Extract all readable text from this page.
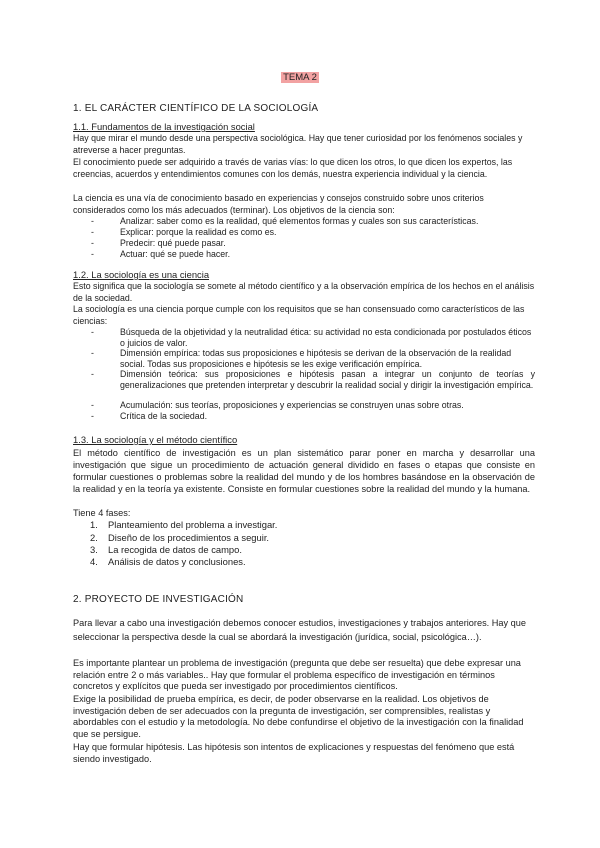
TEMA 2
1. EL CARÁCTER CIENTÍFICO DE LA SOCIOLOGÍA
1.1. Fundamentos de la investigación social
Hay que mirar el mundo desde una perspectiva sociológica. Hay que tener curiosidad por los fenómenos sociales y atreverse a hacer preguntas.
El conocimiento puede ser adquirido a través de varias vías: lo que dicen los otros, lo que dicen los expertos, las creencias, acuerdos y entendimientos comunes con los demás, nuestra experiencia individual y la ciencia.
La ciencia es una vía de conocimiento basado en experiencias y consejos construido sobre unos criterios considerados como los más adecuados (terminar). Los objetivos de la ciencia son:
-	Analizar: saber como es la realidad, qué elementos formas y cuales son sus características.
-	Explicar: porque la realidad es como es.
-	Predecir: qué puede pasar.
-	Actuar: qué se puede hacer.
1.2. La sociología es una ciencia
Esto significa que la sociología se somete al método científico y a la observación empírica de los hechos en el análisis de la sociedad.
La sociología es una ciencia porque cumple con los requisitos que se han consensuado como característicos de las ciencias:
-	Búsqueda de la objetividad y la neutralidad ética: su actividad no esta condicionada por postulados éticos o juicios de valor.
-	Dimensión empírica: todas sus proposiciones e hipótesis se derivan de la observación de la realidad social. Todas sus proposiciones e hipótesis se les exige verificación empírica.
-	Dimensión teórica: sus proposiciones e hipótesis pasan a integrar un conjunto de teorías y generalizaciones que pretenden interpretar y descubrir la realidad social y dirigir la investigación empírica.
-	Acumulación: sus teorías, proposiciones y experiencias se construyen unas sobre otras.
-	Crítica de la sociedad.
1.3. La sociología y el método científico
El método científico de investigación es un plan sistemático parar poner en marcha y desarrollar una investigación que sigue un procedimiento de actuación general dividido en fases o etapas que consiste en formular cuestiones o problemas sobre la realidad del mundo y de los hombres basándose en la observación de la realidad y en la teoría ya existente. Consiste en formular cuestiones sobre la realidad del mundo y la humana.
Tiene 4 fases:
1. Planteamiento del problema a investigar.
2. Diseño de los procedimientos a seguir.
3. La recogida de datos de campo.
4. Análisis de datos y conclusiones.
2. PROYECTO DE INVESTIGACIÓN
Para llevar a cabo una investigación debemos conocer estudios, investigaciones y trabajos anteriores. Hay que seleccionar la perspectiva desde la cual se abordará la investigación (jurídica, social, psicológica…).
Es importante plantear un problema de investigación (pregunta que debe ser resuelta) que debe expresar una relación entre 2 o más variables.. Hay que formular el problema específico de investigación en términos concretos y explícitos que pueda ser investigado por procedimientos científicos.
Exige la posibilidad de prueba empírica, es decir, de poder observarse en la realidad. Los objetivos de investigación deben de ser adecuados con la pregunta de investigación, ser comprensibles, realistas y abordables con el estudio y la metodología. No debe confundirse el objetivo de la investigación con la finalidad que se persigue.
Hay que formular hipótesis. Las hipótesis son intentos de explicaciones y respuestas del fenómeno que está siendo investigado.
